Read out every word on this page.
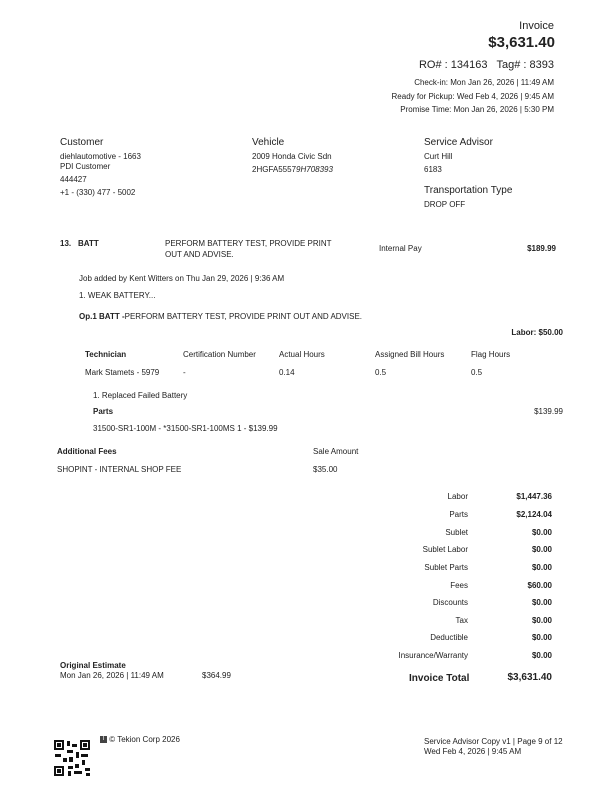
Invoice
$3,631.40
RO# : 134163 Tag# : 8393
Check-in: Mon Jan 26, 2026 | 11:49 AM
Ready for Pickup: Wed Feb 4, 2026 | 9:45 AM
Promise Time: Mon Jan 26, 2026 | 5:30 PM
Customer
diehlautomotive - 1663
PDI Customer
444427
+1 - (330) 477 - 5002
Vehicle
2009 Honda Civic Sdn
2HGFA55579H708393
Service Advisor
Curt Hill
6183
Transportation Type
DROP OFF
13. BATT	PERFORM BATTERY TEST, PROVIDE PRINT
OUT AND ADVISE.
Internal Pay	$189.99
Job added by Kent Witters on Thu Jan 29, 2026 | 9:36 AM
1. WEAK BATTERY...
Op.1 BATT -PERFORM BATTERY TEST, PROVIDE PRINT OUT AND ADVISE.
Labor: $50.00
Technician	Certification Number	Actual Hours	Assigned Bill Hours	Flag Hours
Mark Stamets - 5979	-	0.14	0.5	0.5
1. Replaced Failed Battery
Parts	$139.99
31500-SR1-100M - *31500-SR1-100MS 1 - $139.99
Additional Fees	Sale Amount
SHOPINT - INTERNAL SHOP FEE	$35.00
Labor	$1,447.36
Parts	$2,124.04
Sublet	$0.00
Sublet Labor	$0.00
Sublet Parts	$0.00
Fees	$60.00
Discounts	$0.00
Tax	$0.00
Deductible	$0.00
Insurance/Warranty	$0.00
Invoice Total	$3,631.40
Original Estimate
Mon Jan 26, 2026 | 11:49 AM	$364.99
T © Tekion Corp 2026	Service Advisor Copy v1 | Page 9 of 12
Wed Feb 4, 2026 | 9:45 AM
